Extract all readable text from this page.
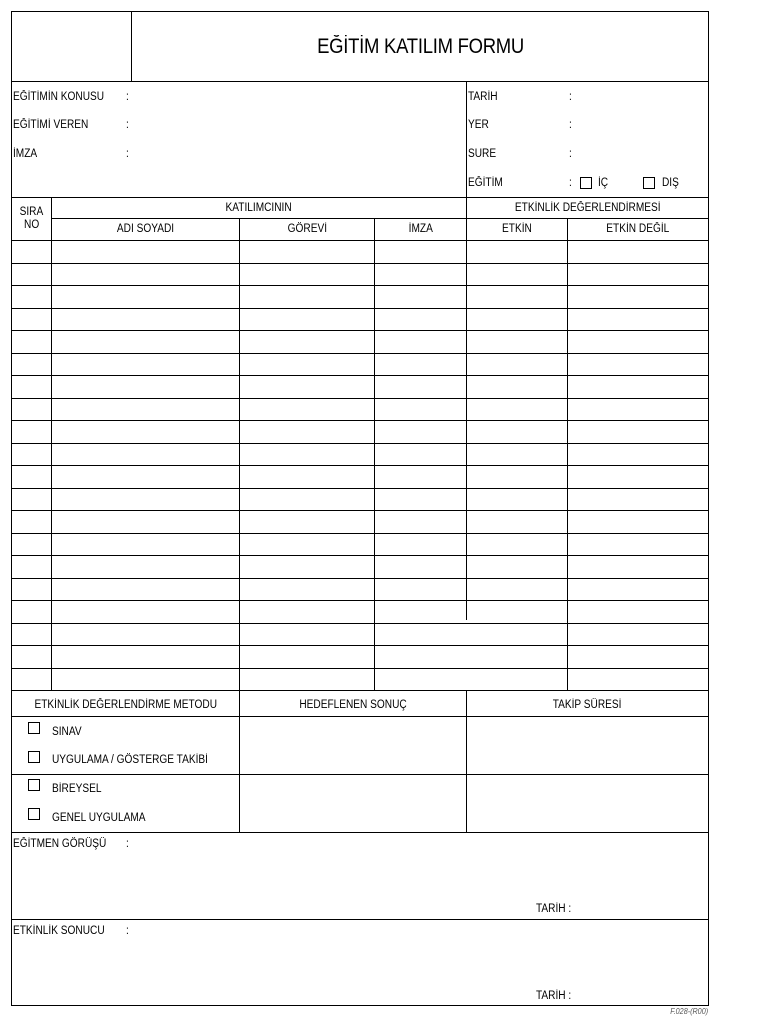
EĞİTİM KATILIM FORMU
EĞİTİMİN KONUSU :
EĞİTİMİ VEREN	:
İMZA	:
TARİH	:
YER	:
SÜRE	:
EĞİTİM	: İÇ	DIŞ
SIRA
NO
KATILIMCININ	ETKİNLİK DEĞERLENDİRMESİ
ADI SOYADI	GÖREVİ	İMZA	ETKİN	ETKİN DEĞİL
ETKİNLİK DEĞERLENDİRME METODU	HEDEFLENEN SONUÇ	TAKİP SÜRESİ
SINAV
UYGULAMA / GÖSTERGE TAKİBİ
BİREYSEL
GENEL UYGULAMA
EĞİTMEN GÖRÜŞÜ :
TARİH :
ETKİNLİK SONUCU :
TARİH :
F.028-(R00)
